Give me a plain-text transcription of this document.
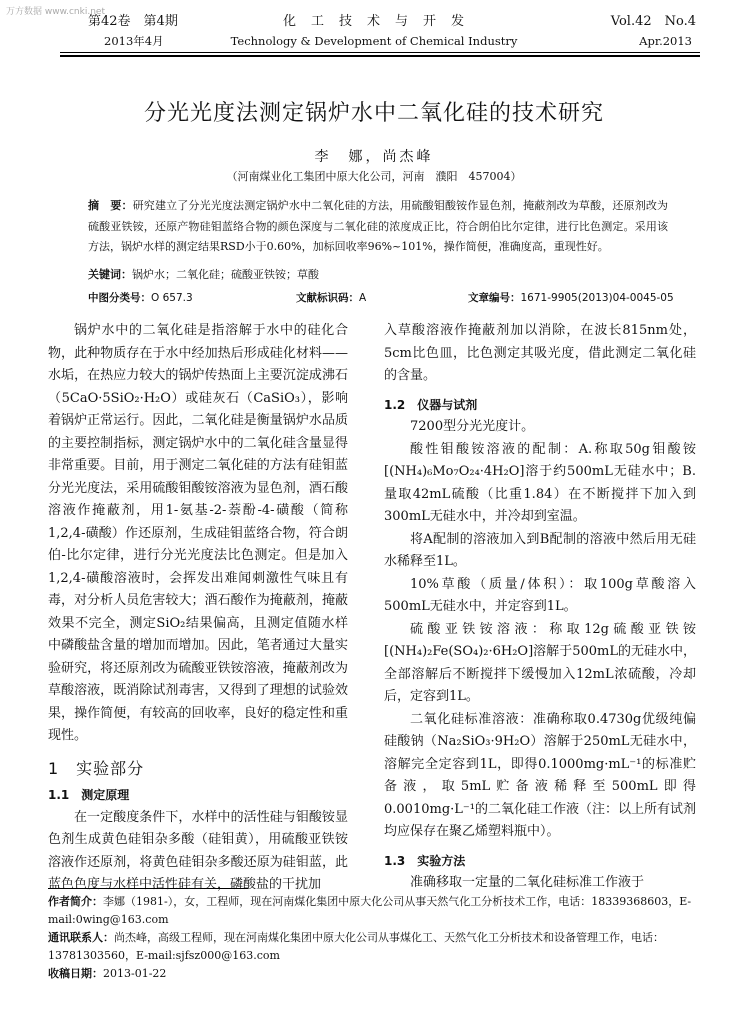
万方数据 www.cnki.net
第42卷　第4期
2013年4月
化　工　技　术　与　开　发
Technology & Development of Chemical Industry
Vol.42　No.4
Apr.2013
分光光度法测定锅炉水中二氧化硅的技术研究
李　娜，尚杰峰
（河南煤业化工集团中原大化公司，河南　濮阳　457004）
摘　要：研究建立了分光光度法测定锅炉水中二氧化硅的方法，用硫酸钼酸铵作显色剂，掩蔽剂改为草酸，还原剂改为硫酸亚铁铵，还原产物硅钼蓝络合物的颜色深度与二氧化硅的浓度成正比，符合朗伯比尔定律，进行比色测定。采用该方法，锅炉水样的测定结果RSD小于0.60%，加标回收率96%~101%，操作简便，准确度高，重现性好。
关键词：锅炉水；二氧化硅；硫酸亚铁铵；草酸
中图分类号：O 657.3	文献标识码：A	文章编号：1671-9905(2013)04-0045-05

锅炉水中的二氧化硅是指溶解于水中的硅化合物，此种物质存在于水中经加热后形成硅化材料——水垢，在热应力较大的锅炉传热面上主要沉淀成沸石（5CaO·5SiO₂·H₂O）或硅灰石（CaSiO₃），影响着锅炉正常运行。因此，二氧化硅是衡量锅炉水品质的主要控制指标，测定锅炉水中的二氧化硅含量显得非常重要。目前，用于测定二氧化硅的方法有硅钼蓝分光光度法，采用硫酸钼酸铵溶液为显色剂，酒石酸溶液作掩蔽剂，用1-氨基-2-萘酚-4-磺酸（简称1,2,4-磺酸）作还原剂，生成硅钼蓝络合物，符合朗伯-比尔定律，进行分光光度法比色测定。但是加入1,2,4-磺酸溶液时，会挥发出难闻刺激性气味且有毒，对分析人员危害较大；酒石酸作为掩蔽剂，掩蔽效果不完全，测定SiO₂结果偏高，且测定值随水样中磷酸盐含量的增加而增加。因此，笔者通过大量实验研究，将还原剂改为硫酸亚铁铵溶液，掩蔽剂改为草酸溶液，既消除试剂毒害，又得到了理想的试验效果，操作简便，有较高的回收率，良好的稳定性和重现性。

1　实验部分
1.1　测定原理

在一定酸度条件下，水样中的活性硅与钼酸铵显色剂生成黄色硅钼杂多酸（硅钼黄），用硫酸亚铁铵溶液作还原剂，将黄色硅钼杂多酸还原为硅钼蓝，此蓝色色度与水样中活性硅有关，磷酸盐的干扰加

入草酸溶液作掩蔽剂加以消除，在波长815nm处，5cm比色皿，比色测定其吸光度，借此测定二氧化硅的含量。

1.2　仪器与试剂

7200型分光光度计。

酸性钼酸铵溶液的配制：A.称取50g钼酸铵[(NH₄)₆Mo₇O₂₄·4H₂O]溶于约500mL无硅水中；B.量取42mL硫酸（比重1.84）在不断搅拌下加入到300mL无硅水中，并冷却到室温。

将A配制的溶液加入到B配制的溶液中然后用无硅水稀释至1L。

10%草酸（质量/体积）：取100g草酸溶入500mL无硅水中，并定容到1L。

硫酸亚铁铵溶液：称取12g硫酸亚铁铵[(NH₄)₂Fe(SO₄)₂·6H₂O]溶解于500mL的无硅水中，全部溶解后不断搅拌下缓慢加入12mL浓硫酸，冷却后，定容到1L。

二氧化硅标准溶液：准确称取0.4730g优级纯偏硅酸钠（Na₂SiO₃·9H₂O）溶解于250mL无硅水中，溶解完全定容到1L，即得0.1000mg·mL⁻¹的标准贮备液，取5mL贮备液稀释至500mL即得0.0010mg·L⁻¹的二氧化硅工作液（注：以上所有试剂均应保存在聚乙烯塑料瓶中）。

1.3　实验方法

准确移取一定量的二氧化硅标准工作液于

作者简介：李娜（1981-），女，工程师，现在河南煤化集团中原大化公司从事天然气化工分析技术工作，电话：18339368603，E-mail:0wing@163.com
通讯联系人：尚杰峰，高级工程师，现在河南煤化集团中原大化公司从事煤化工、天然气化工分析技术和设备管理工作，电话：13781303560，E-mail:sjfsz000@163.com
收稿日期：2013-01-22
